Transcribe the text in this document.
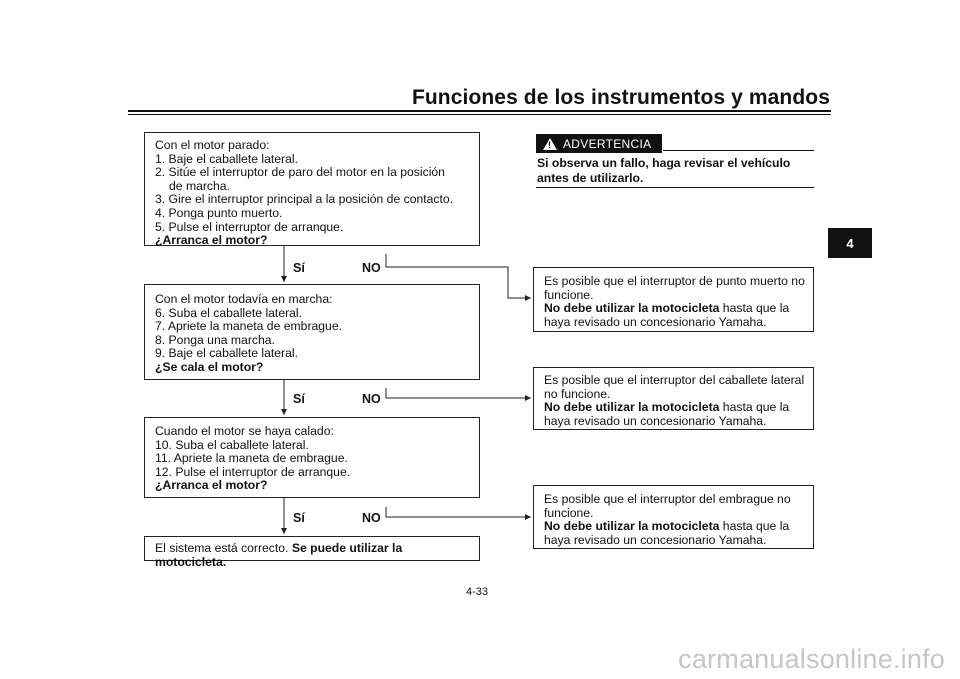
Funciones de los instrumentos y mandos
4
Con el motor parado:
1. Baje el caballete lateral.
2. Sitúe el interruptor de paro del motor en la posición
de marcha.
3. Gire el interruptor principal a la posición de contacto.
4. Ponga punto muerto.
5. Pulse el interruptor de arranque.
¿Arranca el motor?
Sí	NO
Con el motor todavía en marcha:
6. Suba el caballete lateral.
7. Apriete la maneta de embrague.
8. Ponga una marcha.
9. Baje el caballete lateral.
¿Se cala el motor?
Sí	NO
Cuando el motor se haya calado:
10. Suba el caballete lateral.
11. Apriete la maneta de embrague.
12. Pulse el interruptor de arranque.
¿Arranca el motor?
Sí	NO
El sistema está correcto. Se puede utilizar la motocicleta.
! ADVERTENCIA
Si observa un fallo, haga revisar el vehículo
antes de utilizarlo.
Es posible que el interruptor de punto muerto no
funcione.
No debe utilizar la motocicleta hasta que la
haya revisado un concesionario Yamaha.
Es posible que el interruptor del caballete lateral
no funcione.
No debe utilizar la motocicleta hasta que la
haya revisado un concesionario Yamaha.
Es posible que el interruptor del embrague no
funcione.
No debe utilizar la motocicleta hasta que la
haya revisado un concesionario Yamaha.
4-33
carmanualsonline.info
